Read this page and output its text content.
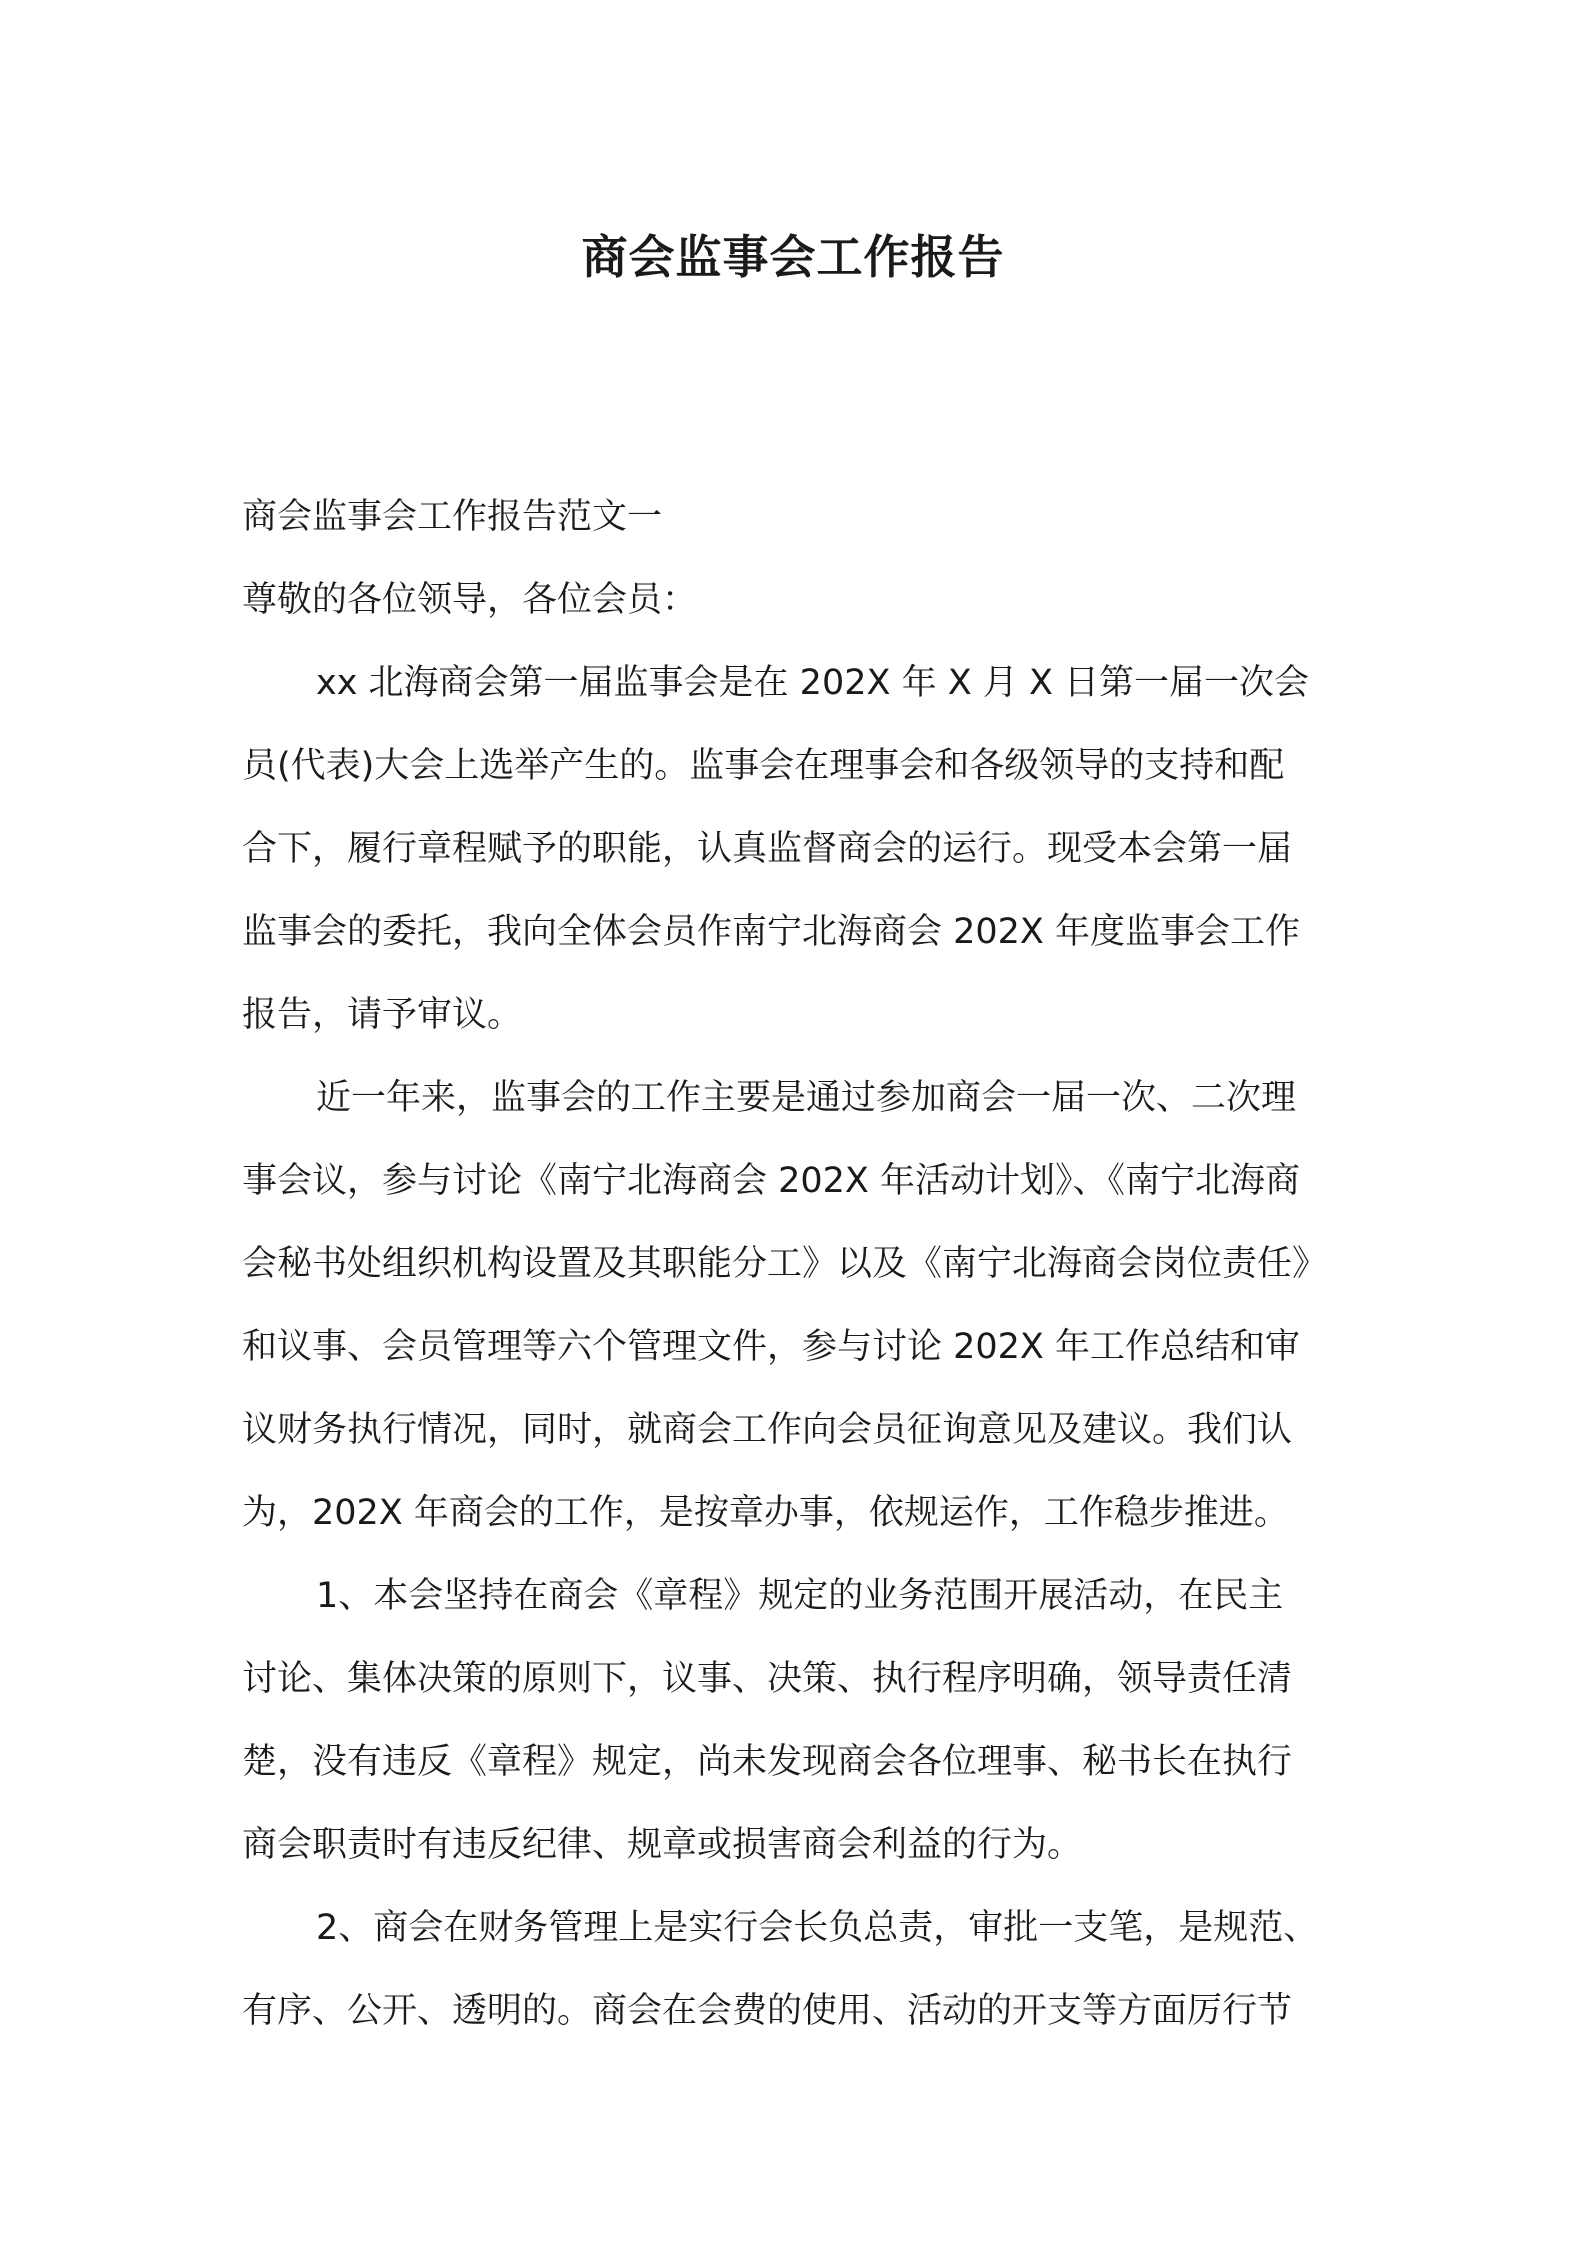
商会监事会工作报告
商会监事会工作报告范文一
尊敬的各位领导，各位会员：

xx 北海商会第一届监事会是在 202X 年 X 月 X 日第一届一次会

员(代表)大会上选举产生的。监事会在理事会和各级领导的支持和配

合下，履行章程赋予的职能，认真监督商会的运行。现受本会第一届

监事会的委托，我向全体会员作南宁北海商会 202X 年度监事会工作

报告，请予审议。

近一年来，监事会的工作主要是通过参加商会一届一次、二次理

事会议，参与讨论《南宁北海商会 202X 年活动计划》、《南宁北海商

会秘书处组织机构设置及其职能分工》以及《南宁北海商会岗位责任》

和议事、会员管理等六个管理文件，参与讨论 202X 年工作总结和审

议财务执行情况，同时，就商会工作向会员征询意见及建议。我们认

为，202X 年商会的工作，是按章办事，依规运作，工作稳步推进。

1、本会坚持在商会《章程》规定的业务范围开展活动，在民主

讨论、集体决策的原则下，议事、决策、执行程序明确，领导责任清

楚，没有违反《章程》规定，尚未发现商会各位理事、秘书长在执行

商会职责时有违反纪律、规章或损害商会利益的行为。

2、商会在财务管理上是实行会长负总责，审批一支笔，是规范、

有序、公开、透明的。商会在会费的使用、活动的开支等方面厉行节
